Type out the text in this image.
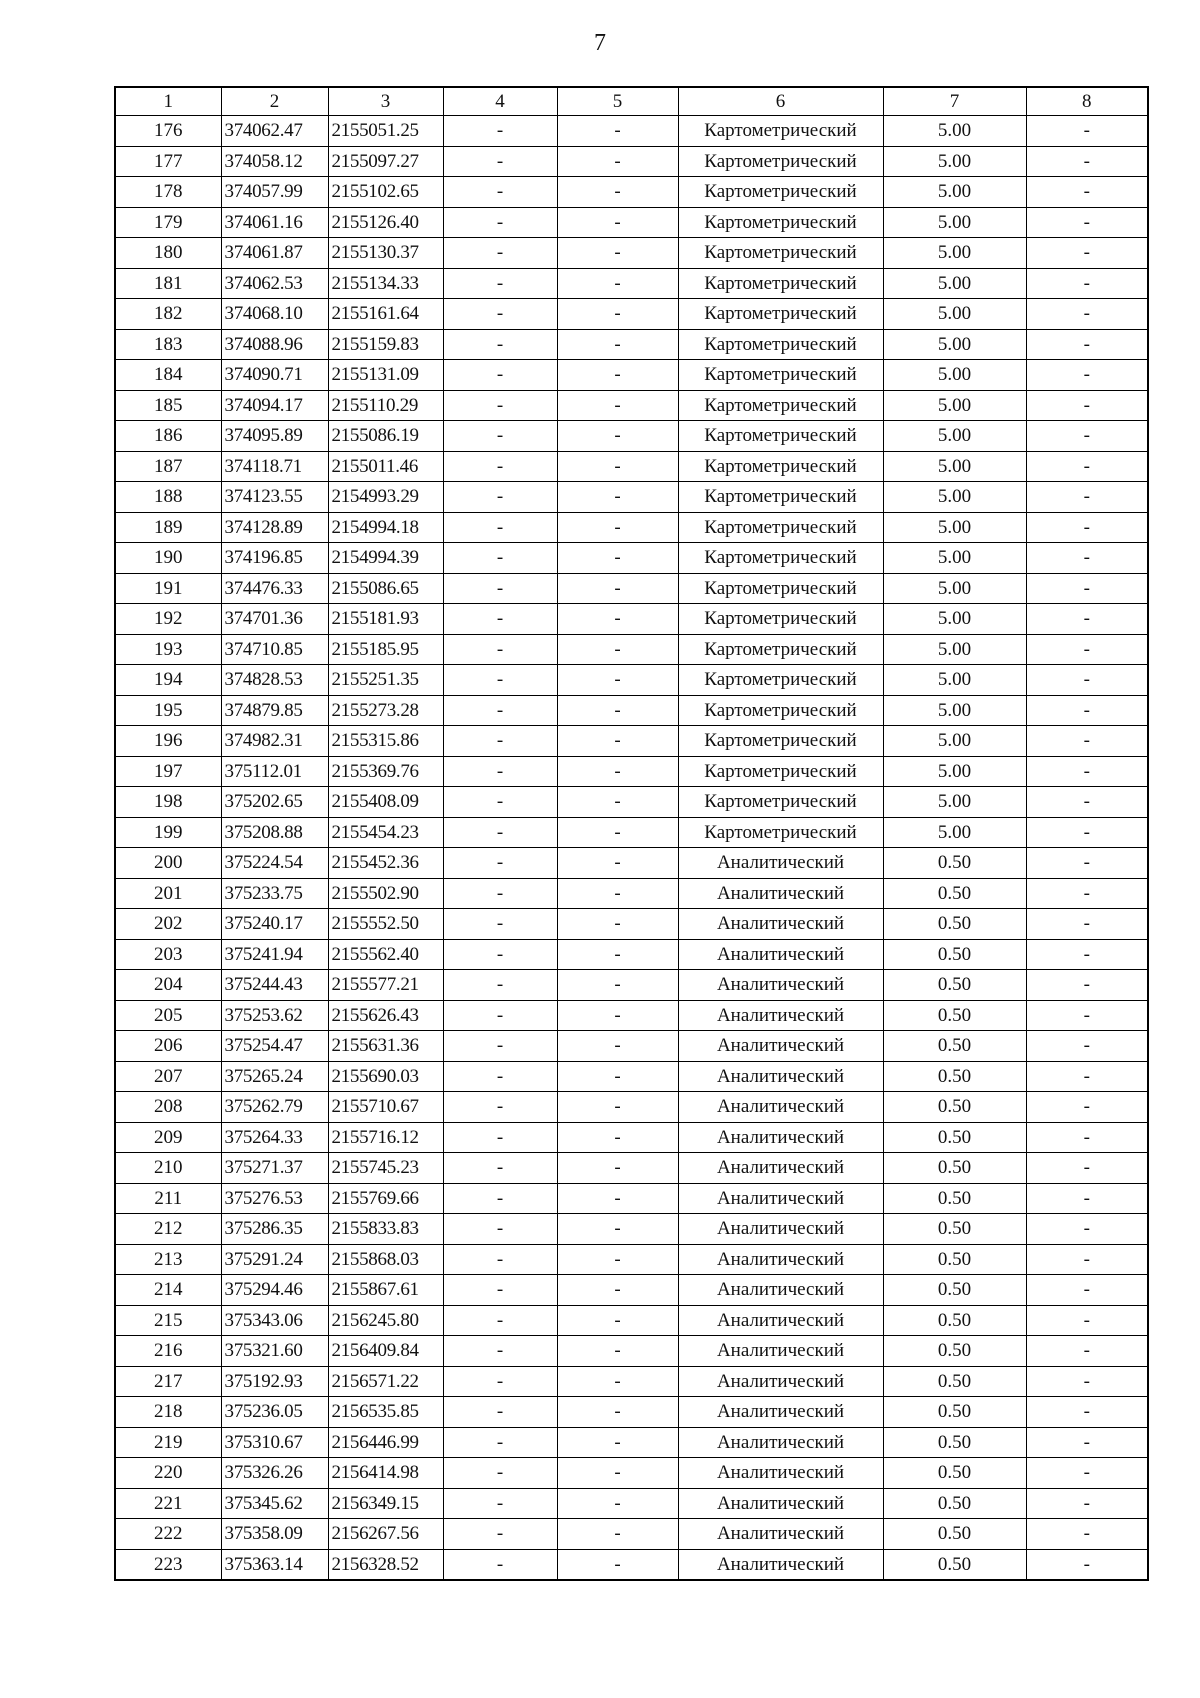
7
1	2	3	4	5	6	7	8
176	374062.47	2155051.25	-	-	Картометрический	5.00	-
177	374058.12	2155097.27	-	-	Картометрический	5.00	-
178	374057.99	2155102.65	-	-	Картометрический	5.00	-
179	374061.16	2155126.40	-	-	Картометрический	5.00	-
180	374061.87	2155130.37	-	-	Картометрический	5.00	-
181	374062.53	2155134.33	-	-	Картометрический	5.00	-
182	374068.10	2155161.64	-	-	Картометрический	5.00	-
183	374088.96	2155159.83	-	-	Картометрический	5.00	-
184	374090.71	2155131.09	-	-	Картометрический	5.00	-
185	374094.17	2155110.29	-	-	Картометрический	5.00	-
186	374095.89	2155086.19	-	-	Картометрический	5.00	-
187	374118.71	2155011.46	-	-	Картометрический	5.00	-
188	374123.55	2154993.29	-	-	Картометрический	5.00	-
189	374128.89	2154994.18	-	-	Картометрический	5.00	-
190	374196.85	2154994.39	-	-	Картометрический	5.00	-
191	374476.33	2155086.65	-	-	Картометрический	5.00	-
192	374701.36	2155181.93	-	-	Картометрический	5.00	-
193	374710.85	2155185.95	-	-	Картометрический	5.00	-
194	374828.53	2155251.35	-	-	Картометрический	5.00	-
195	374879.85	2155273.28	-	-	Картометрический	5.00	-
196	374982.31	2155315.86	-	-	Картометрический	5.00	-
197	375112.01	2155369.76	-	-	Картометрический	5.00	-
198	375202.65	2155408.09	-	-	Картометрический	5.00	-
199	375208.88	2155454.23	-	-	Картометрический	5.00	-
200	375224.54	2155452.36	-	-	Аналитический	0.50	-
201	375233.75	2155502.90	-	-	Аналитический	0.50	-
202	375240.17	2155552.50	-	-	Аналитический	0.50	-
203	375241.94	2155562.40	-	-	Аналитический	0.50	-
204	375244.43	2155577.21	-	-	Аналитический	0.50	-
205	375253.62	2155626.43	-	-	Аналитический	0.50	-
206	375254.47	2155631.36	-	-	Аналитический	0.50	-
207	375265.24	2155690.03	-	-	Аналитический	0.50	-
208	375262.79	2155710.67	-	-	Аналитический	0.50	-
209	375264.33	2155716.12	-	-	Аналитический	0.50	-
210	375271.37	2155745.23	-	-	Аналитический	0.50	-
211	375276.53	2155769.66	-	-	Аналитический	0.50	-
212	375286.35	2155833.83	-	-	Аналитический	0.50	-
213	375291.24	2155868.03	-	-	Аналитический	0.50	-
214	375294.46	2155867.61	-	-	Аналитический	0.50	-
215	375343.06	2156245.80	-	-	Аналитический	0.50	-
216	375321.60	2156409.84	-	-	Аналитический	0.50	-
217	375192.93	2156571.22	-	-	Аналитический	0.50	-
218	375236.05	2156535.85	-	-	Аналитический	0.50	-
219	375310.67	2156446.99	-	-	Аналитический	0.50	-
220	375326.26	2156414.98	-	-	Аналитический	0.50	-
221	375345.62	2156349.15	-	-	Аналитический	0.50	-
222	375358.09	2156267.56	-	-	Аналитический	0.50	-
223	375363.14	2156328.52	-	-	Аналитический	0.50	-
